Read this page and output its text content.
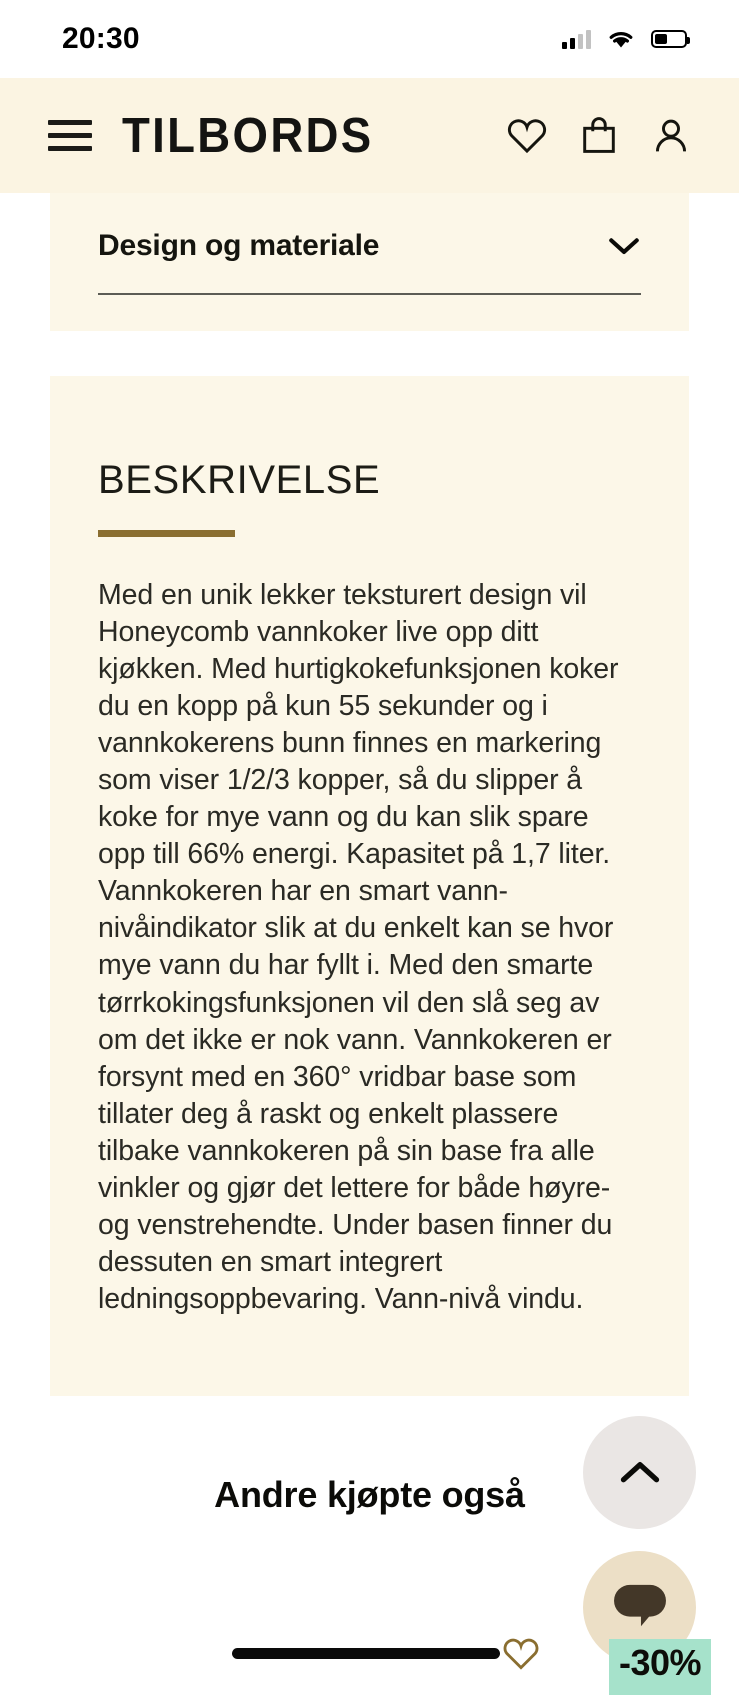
20:30
TILBORDS
Design og materiale
BESKRIVELSE
Med en unik lekker teksturert design vil Honeycomb vannkoker live opp ditt kjøkken. Med hurtigkokefunksjonen koker du en kopp på kun 55 sekunder og i vannkokerens bunn finnes en markering som viser 1/2/3 kopper, så du slipper å koke for mye vann og du kan slik spare opp till 66% energi. Kapasitet på 1,7 liter. Vannkokeren har en smart vann-nivåindikator slik at du enkelt kan se hvor mye vann du har fyllt i. Med den smarte tørrkokingsfunksjonen vil den slå seg av om det ikke er nok vann. Vannkokeren er forsynt med en 360° vridbar base som tillater deg å raskt og enkelt plassere tilbake vannkokeren på sin base fra alle vinkler og gjør det lettere for både høyre- og venstrehendte. Under basen finner du dessuten en smart integrert ledningsoppbevaring. Vann-nivå vindu.
Andre kjøpte også
-30%
